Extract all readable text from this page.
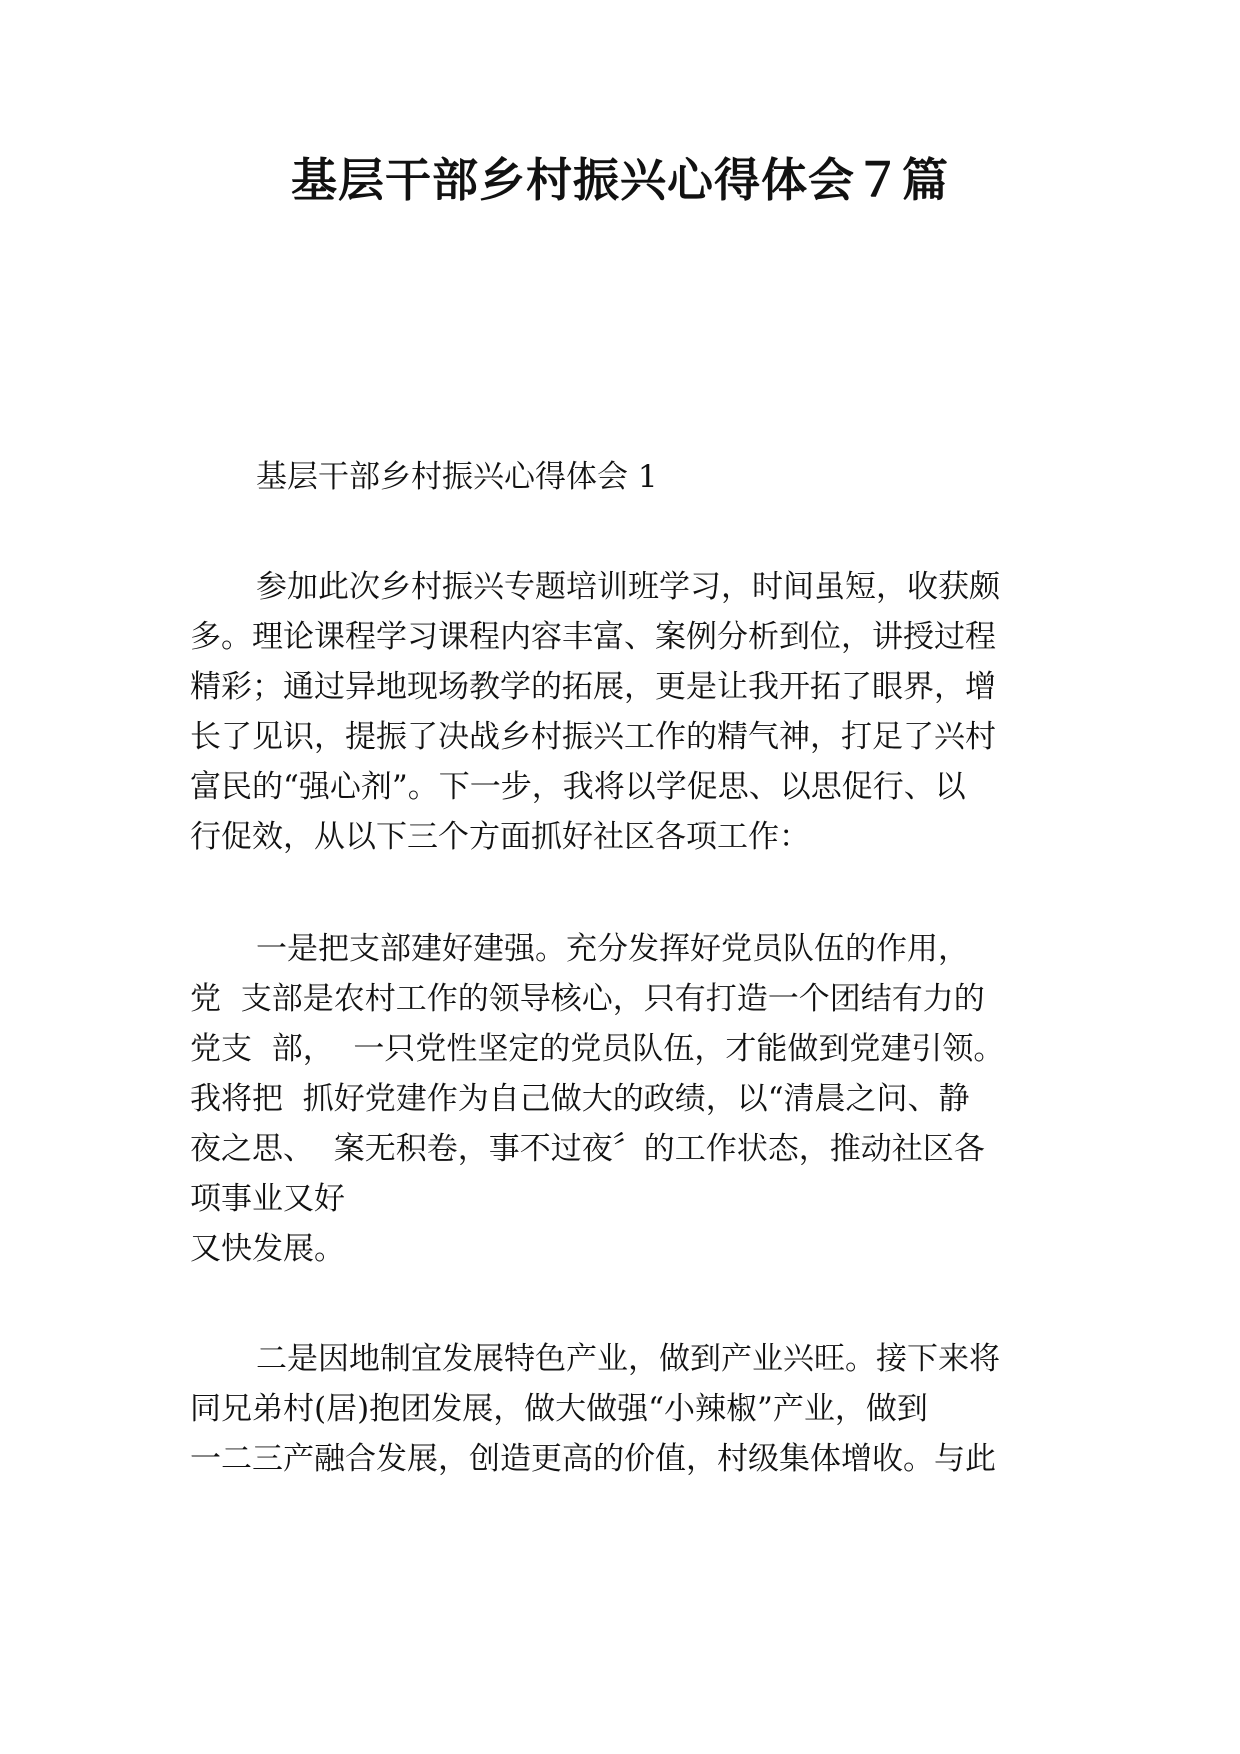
基层干部乡村振兴心得体会７篇

基层干部乡村振兴心得体会 1

参加此次乡村振兴专题培训班学习，时间虽短，收获颇
多。理论课程学习课程内容丰富、案例分析到位，讲授过程
精彩；通过异地现场教学的拓展，更是让我开拓了眼界，增
长了见识，提振了决战乡村振兴工作的精气神，打足了兴村
富民的“强心剂”。下一步，我将以学促思、以思促行、以
行促效，从以下三个方面抓好社区各项工作：
一是把支部建好建强。充分发挥好党员队伍的作用，
党  支部是农村工作的领导核心，只有打造一个团结有力的
党支  部，  一只党性坚定的党员队伍，才能做到党建引领。
我将把  抓好党建作为自己做大的政绩，以“清晨之问、静
夜之思、  案无积卷，事不过夜〞的工作状态，推动社区各
项事业又好
又快发展。
二是因地制宜发展特色产业，做到产业兴旺。接下来将
同兄弟村(居)抱团发展，做大做强“小辣椒”产业，做到
一二三产融合发展，创造更高的价值，村级集体增收。与此
